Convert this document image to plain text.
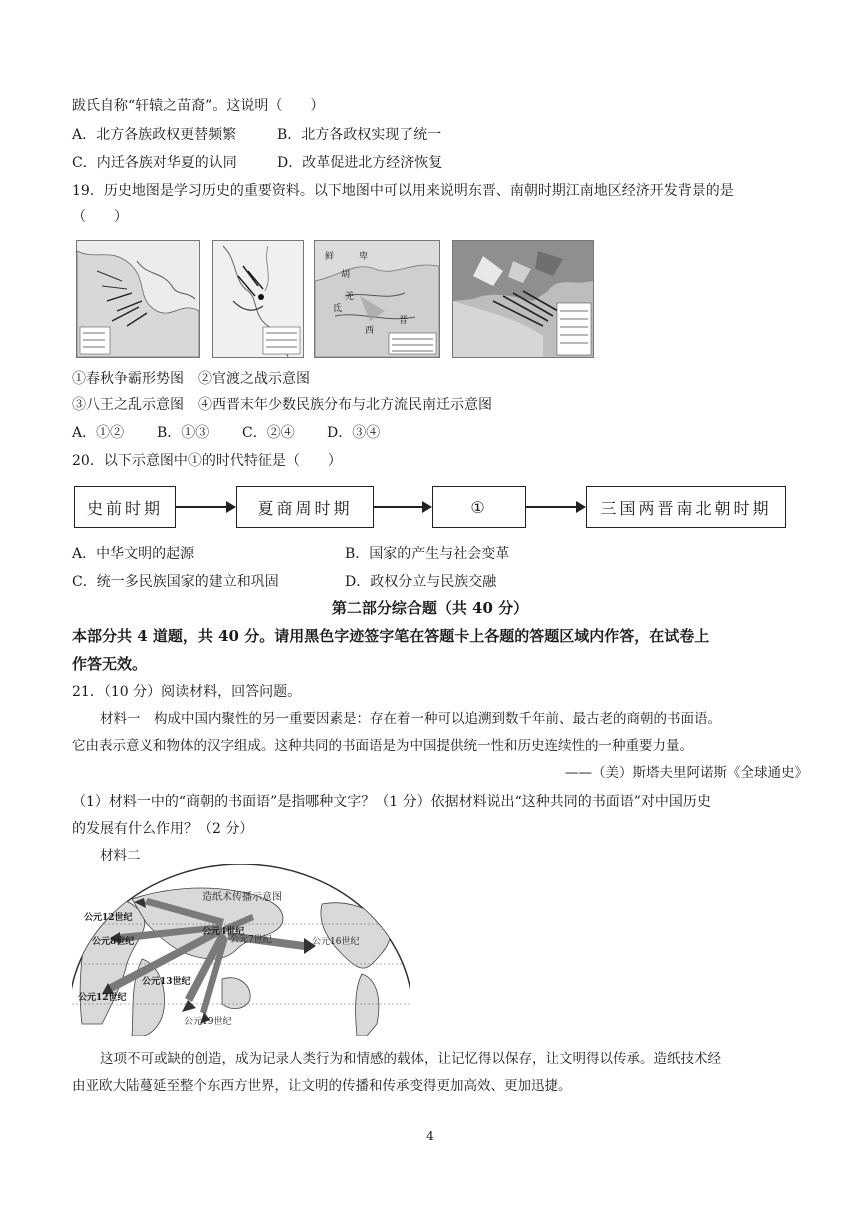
跋氏自称“轩辕之苗裔”。这说明（　　）
A．北方各族政权更替频繁	B．北方各政权实现了统一
C．内迁各族对华夏的认同	D．改革促进北方经济恢复
19．历史地图是学习历史的重要资料。以下地图中可以用来说明东晋、南朝时期江南地区经济开发背景的是
（　　）
鲜	卑
胡
羌
氐
西
晋
①春秋争霸形势图　②官渡之战示意图
③八王之乱示意图　④西晋末年少数民族分布与北方流民南迁示意图
A．①② B．①③ C．②④ D．③④
20．以下示意图中①的时代特征是（　　）
史前时期	夏商周时期	①	三国两晋南北朝时期
A．中华文明的起源	B．国家的产生与社会变革
C．统一多民族国家的建立和巩固	D．政权分立与民族交融
第二部分综合题（共 40 分）
本部分共 4 道题，共 40 分。请用黑色字迹签字笔在答题卡上各题的答题区域内作答，在试卷上
作答无效。
21．（10 分）阅读材料，回答问题。
材料一　构成中国内聚性的另一重要因素是：存在着一种可以追溯到数千年前、最古老的商朝的书面语。
它由表示意义和物体的汉字组成。这种共同的书面语是为中国提供统一性和历史连续性的一种重要力量。
——（美）斯塔夫里阿诺斯《全球通史》
（1）材料一中的“商朝的书面语”是指哪种文字？（1 分）依据材料说出“这种共同的书面语”对中国历史
的发展有什么作用？（2 分）
材料二
造纸术传播示意图
公元12世纪
公元8世纪
公元4世纪
公元7世纪	公元16世纪
公元13世纪
公元12世纪
公元19世纪
这项不可或缺的创造，成为记录人类行为和情感的载体，让记忆得以保存，让文明得以传承。造纸技术经
由亚欧大陆蔓延至整个东西方世界，让文明的传播和传承变得更加高效、更加迅捷。
4
